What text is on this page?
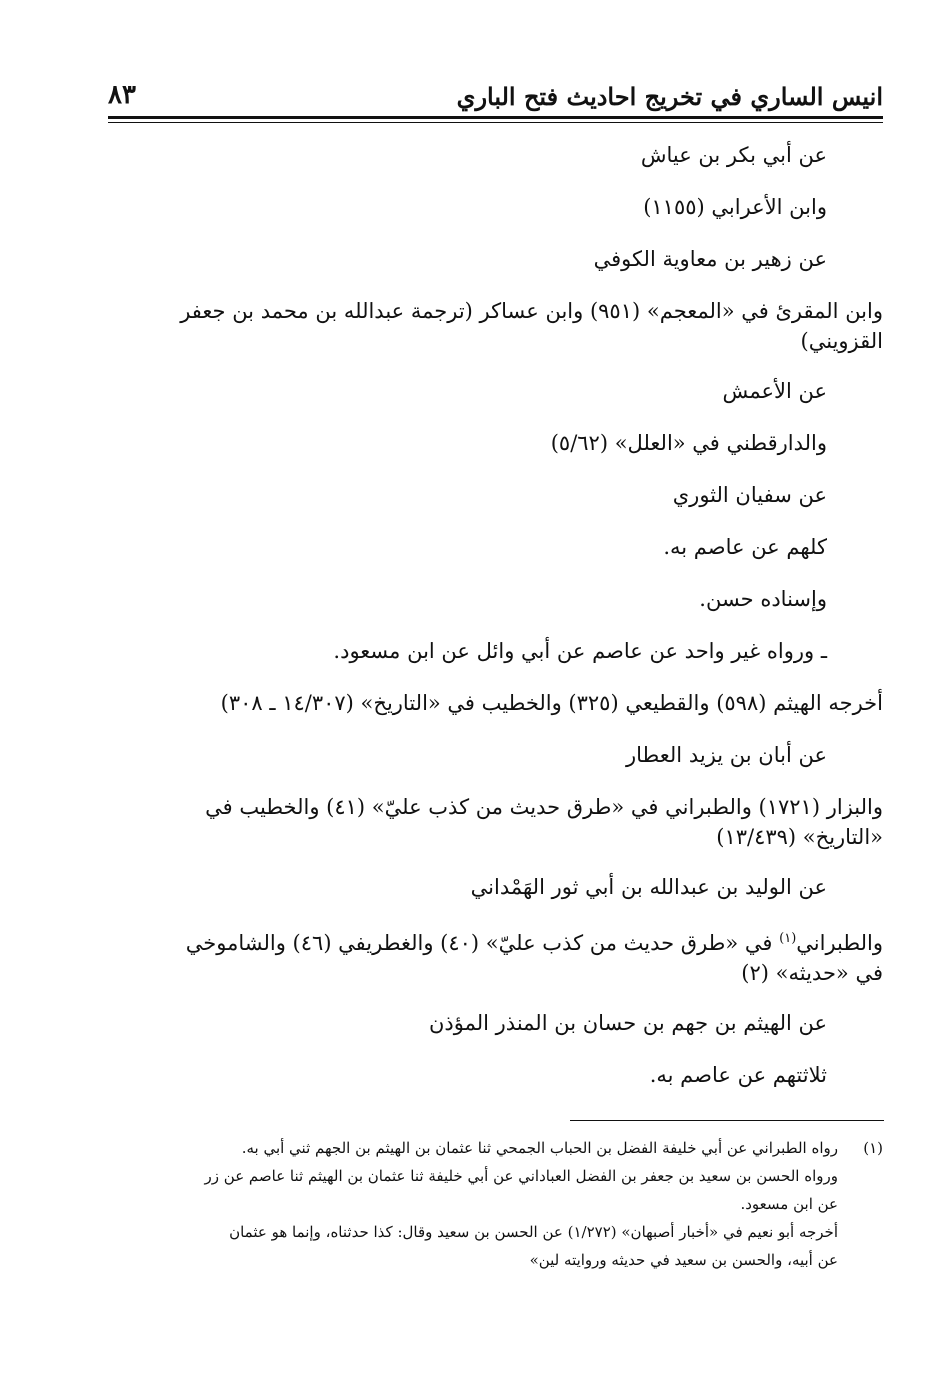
انيس الساري في تخريج احاديث فتح الباري
٨٣

عن أبي بكر بن عياش

وابن الأعرابي (١١٥٥)

عن زهير بن معاوية الكوفي

وابن المقرئ في «المعجم» (٩٥١) وابن عساكر (ترجمة عبدالله بن محمد بن جعفر
القزويني)

عن الأعمش

والدارقطني في «العلل» (٥/٦٢)

عن سفيان الثوري

كلهم عن عاصم به.

وإسناده حسن.

ـ ورواه غير واحد عن عاصم عن أبي وائل عن ابن مسعود.

أخرجه الهيثم (٥٩٨) والقطيعي (٣٢٥) والخطيب في «التاريخ» (١٤/٣٠٧ ـ ٣٠٨)

عن أبان بن يزيد العطار

والبزار (١٧٢١) والطبراني في «طرق حديث من كذب عليّ» (٤١) والخطيب في
«التاريخ» (١٣/٤٣٩)

عن الوليد بن عبدالله بن أبي ثور الهَمْداني

والطبراني$^{(١)}$ في «طرق حديث من كذب عليّ» (٤٠) والغطريفي (٤٦) والشاموخي
في «حديثه» (٢)

عن الهيثم بن جهم بن حسان بن المنذر المؤذن

ثلاثتهم عن عاصم به.

(١)
رواه الطبراني عن أبي خليفة الفضل بن الحباب الجمحي ثنا عثمان بن الهيثم بن الجهم ثني أبي به.
ورواه الحسن بن سعيد بن جعفر بن الفضل العباداني عن أبي خليفة ثنا عثمان بن الهيثم ثنا عاصم عن زر
عن ابن مسعود.
أخرجه أبو نعيم في «أخبار أصبهان» (١/٢٧٢) عن الحسن بن سعيد وقال: كذا حدثناه، وإنما هو عثمان
عن أبيه، والحسن بن سعيد في حديثه وروايته لين»
